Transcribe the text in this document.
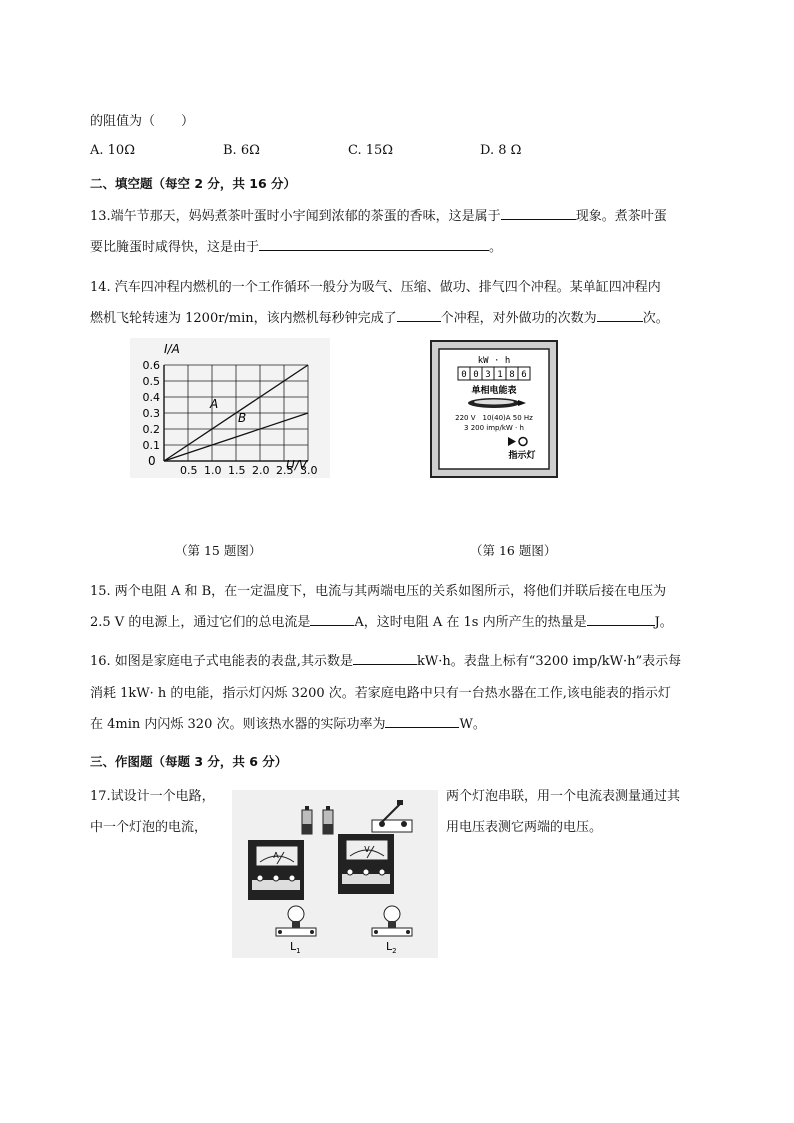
的阻值为（　　）
A. 10Ω	B. 6Ω	C. 15Ω	D. 8 Ω
二、填空题（每空 2 分，共 16 分）
13.端午节那天，妈妈煮茶叶蛋时小宇闻到浓郁的茶蛋的香味，这是属于	现象。煮茶叶蛋
要比腌蛋时咸得快，这是由于	。
14. 汽车四冲程内燃机的一个工作循环一般分为吸气、压缩、做功、排气四个冲程。某单缸四冲程内
燃机飞轮转速为 1200r/min，该内燃机每秒钟完成了	个冲程，对外做功的次数为	次。
0.1
0.2
0.3
0.4
0.5
0.6
0.5 1.0 1.5 2.0 2.5 3.0
I/A
U/V
0
A
B
kW · h
0 0 3 1 8 6
单相电能表
220 V　10(40)A 50 Hz
3 200 imp/kW · h
指示灯
（第 15 题图）	（第 16 题图）
15. 两个电阻 A 和 B，在一定温度下，电流与其两端电压的关系如图所示，将他们并联后接在电压为
2.5 V 的电源上，通过它们的总电流是	A，这时电阻 A 在 1s 内所产生的热量是	J。
16. 如图是家庭电子式电能表的表盘,其示数是	kW·h。表盘上标有“3200 imp/kW·h”表示每
消耗 1kW· h 的电能，指示灯闪烁 3200 次。若家庭电路中只有一台热水器在工作,该电能表的指示灯
在 4min 内闪烁 320 次。则该热水器的实际功率为	W。
三、作图题（每题 3 分，共 6 分）
17.试设计一个电路，
中一个灯泡的电流，
两个灯泡串联，用一个电流表测量通过其
用电压表测它两端的电压。
A
V
$L_1$	$L_2$
